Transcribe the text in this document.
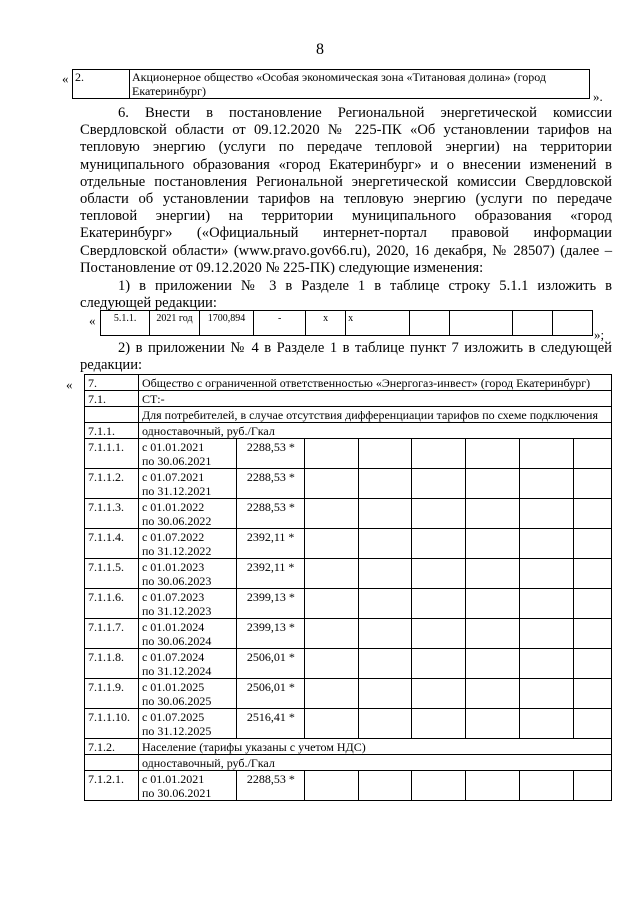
8
« 2.	Акционерное общество «Особая экономическая зона «Титановая долина» (город Екатеринбург)	».
6. Внести в постановление Региональной энергетической комиссии Свердловской области от 09.12.2020 № 225-ПК «Об установлении тарифов на тепловую энергию (услуги по передаче тепловой энергии) на территории муниципального образования «город Екатеринбург» и о внесении изменений в отдельные постановления Региональной энергетической комиссии Свердловской области об установлении тарифов на тепловую энергию (услуги по передаче тепловой энергии) на территории муниципального образования «город Екатеринбург» («Официальный интернет-портал правовой информации Свердловской области» (www.pravo.gov66.ru), 2020, 16 декабря, № 28507) (далее – Постановление от 09.12.2020 № 225-ПК) следующие изменения:
1) в приложении № 3 в Разделе 1 в таблице строку 5.1.1 изложить в следующей редакции:
« 5.1.1.	2021 год	1700,894	-	x	x				
»;
2) в приложении № 4 в Разделе 1 в таблице пункт 7 изложить в следующей редакции:
« 7.	Общество с ограниченной ответственностью «Энергогаз-инвест» (город Екатеринбург)							
7.1.	СТ:-							
	Для потребителей, в случае отсутствия дифференциации тарифов по схеме подключения							
7.1.1.	одноставочный, руб./Гкал							
7.1.1.1.	с 01.01.2021
по 30.06.2021	2288,53 *						
7.1.1.2.	с 01.07.2021
по 31.12.2021	2288,53 *						
7.1.1.3.	с 01.01.2022
по 30.06.2022	2288,53 *						
7.1.1.4.	с 01.07.2022
по 31.12.2022	2392,11 *						
7.1.1.5.	с 01.01.2023
по 30.06.2023	2392,11 *						
7.1.1.6.	с 01.07.2023
по 31.12.2023	2399,13 *						
7.1.1.7.	с 01.01.2024
по 30.06.2024	2399,13 *						
7.1.1.8.	с 01.07.2024
по 31.12.2024	2506,01 *						
7.1.1.9.	с 01.01.2025
по 30.06.2025	2506,01 *						
7.1.1.10.	с 01.07.2025
по 31.12.2025	2516,41 *						
7.1.2.	Население (тарифы указаны с учетом НДС)							
	одноставочный, руб./Гкал							
7.1.2.1.	с 01.01.2021
по 30.06.2021	2288,53 *						
